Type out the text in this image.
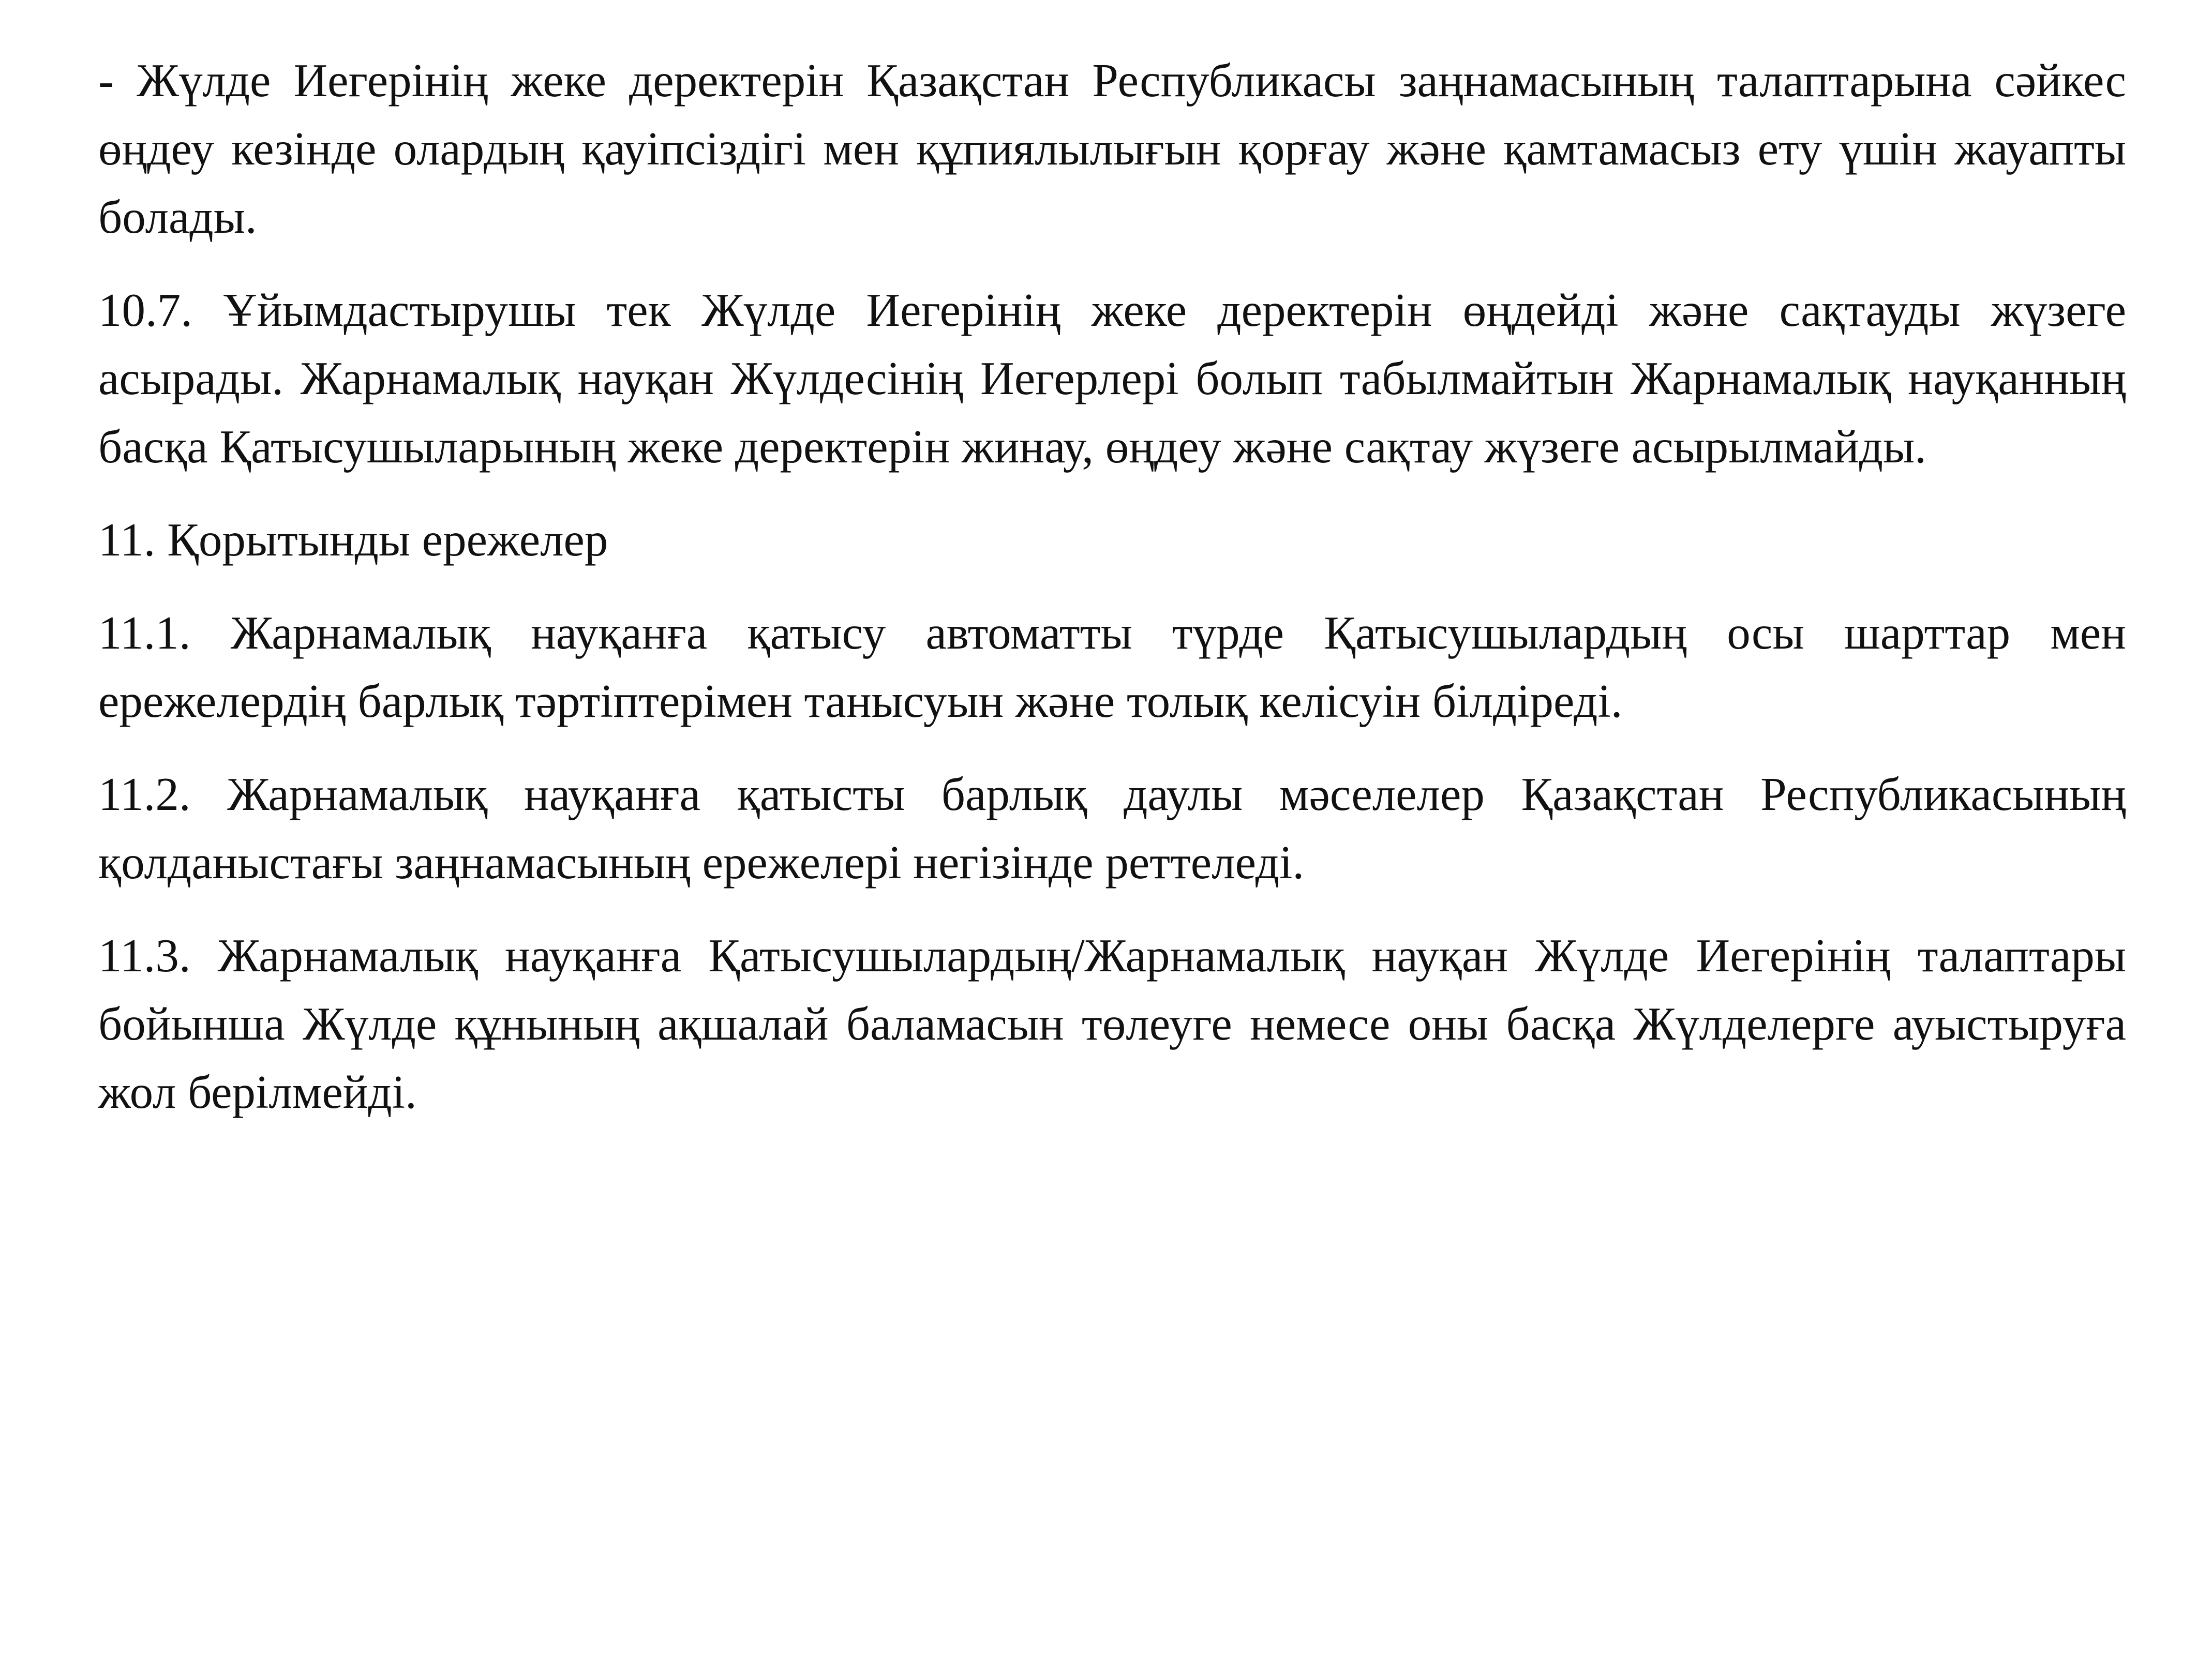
- Жүлде Иегерінің жеке деректерін Қазақстан Республикасы заңнамасының талаптарына сәйкес өңдеу кезінде олардың қауіпсіздігі мен құпиялылығын қорғау және қамтамасыз ету үшін жауапты болады.

10.7. Ұйымдастырушы тек Жүлде Иегерінің жеке деректерін өңдейді және сақтауды жүзеге асырады. Жарнамалық науқан Жүлдесінің Иегерлері болып табылмайтын Жарнамалық науқанның басқа Қатысушыларының жеке деректерін жинау, өңдеу және сақтау жүзеге асырылмайды.

11. Қорытынды ережелер

11.1. Жарнамалық науқанға қатысу автоматты түрде Қатысушылардың осы шарттар мен ережелердің барлық тәртіптерімен танысуын және толық келісуін білдіреді.

11.2. Жарнамалық науқанға қатысты барлық даулы мәселелер Қазақстан Республикасының қолданыстағы заңнамасының ережелері негізінде реттеледі.

11.3. Жарнамалық науқанға Қатысушылардың/Жарнамалық науқан Жүлде Иегерінің талаптары бойынша Жүлде құнының ақшалай баламасын төлеуге немесе оны басқа Жүлделерге ауыстыруға жол берілмейді.
